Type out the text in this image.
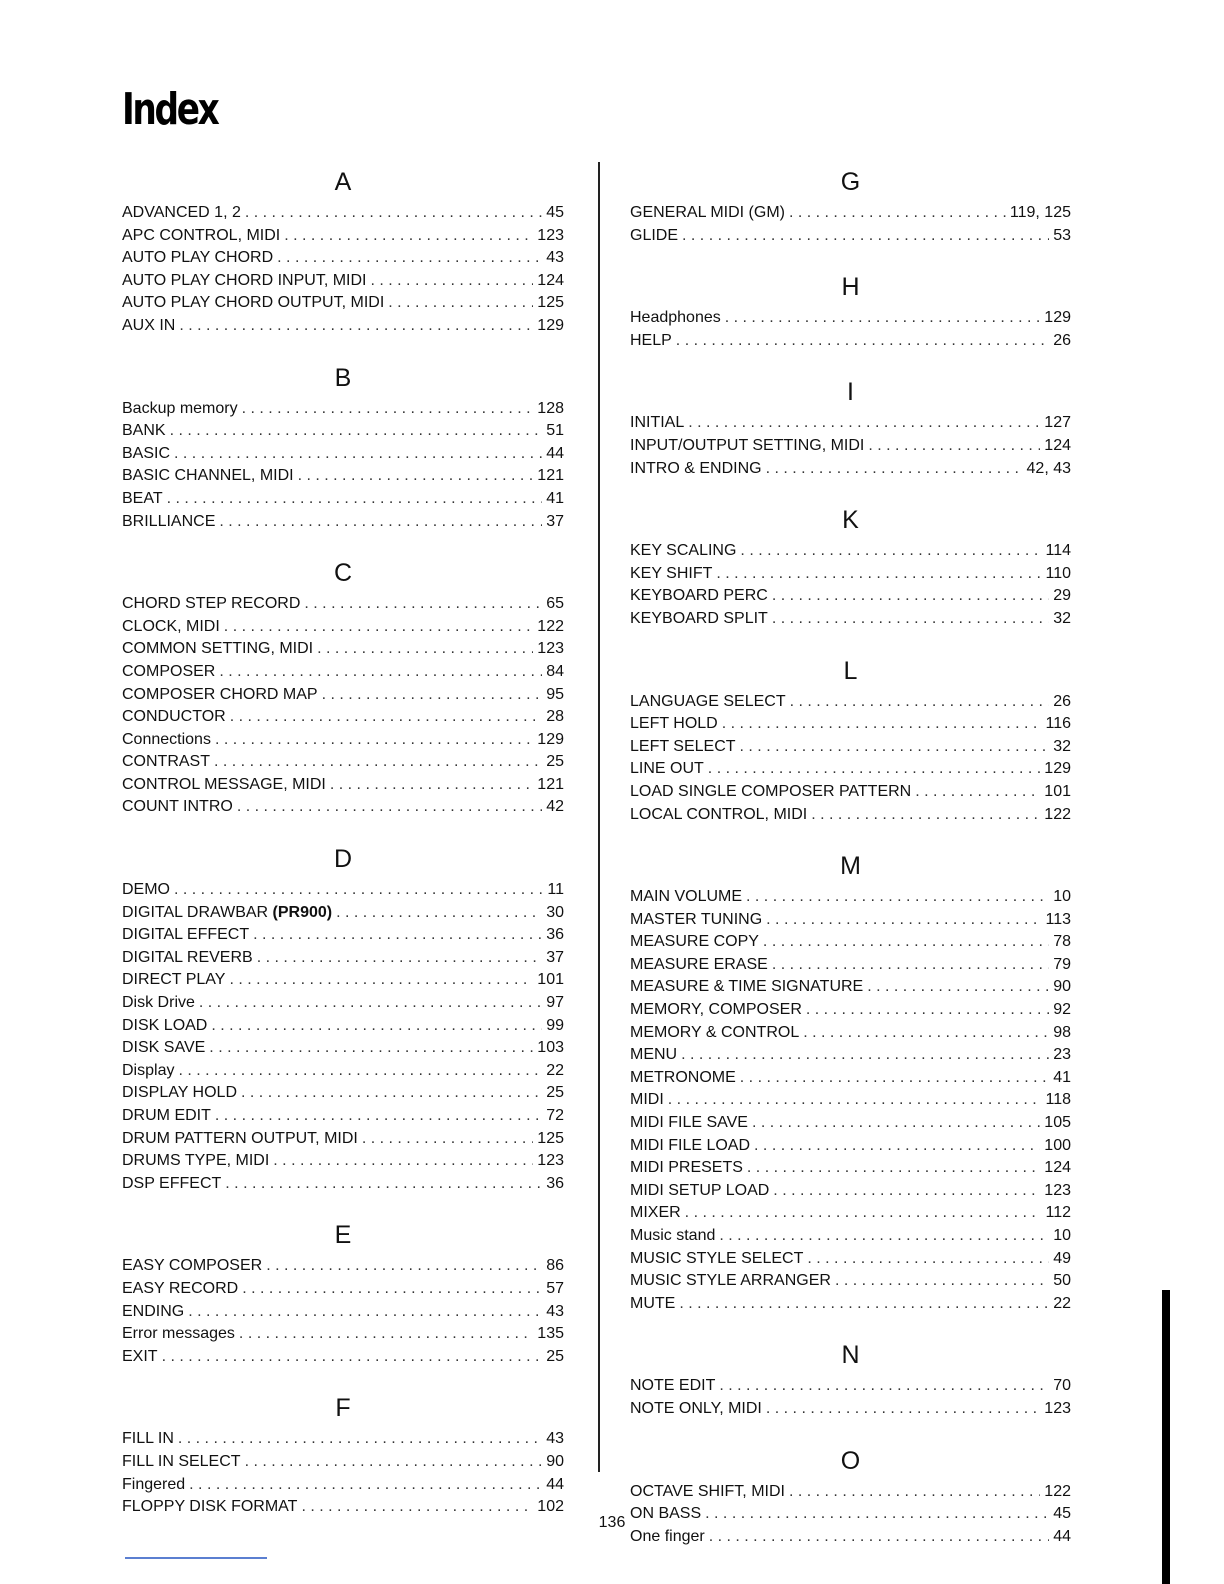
Index
A
ADVANCED 1, 2 . . .	45
APC CONTROL, MIDI . . .	123
AUTO PLAY CHORD . . .	43
AUTO PLAY CHORD INPUT, MIDI . . .	124
AUTO PLAY CHORD OUTPUT, MIDI . . .	125
AUX IN . . .	129
B
Backup memory . . .	128
BANK . . .	51
BASIC . . .	44
BASIC CHANNEL, MIDI . . .	121
BEAT . . .	41
BRILLIANCE . . .	37
C
CHORD STEP RECORD . . .	65
CLOCK, MIDI . . .	122
COMMON SETTING, MIDI . . .	123
COMPOSER . . .	84
COMPOSER CHORD MAP . . .	95
CONDUCTOR . . .	28
Connections . . .	129
CONTRAST . . .	25
CONTROL MESSAGE, MIDI . . .	121
COUNT INTRO . . .	42
D
DEMO . . .	11
DIGITAL DRAWBAR (PR900) . . .	30
DIGITAL EFFECT . . .	36
DIGITAL REVERB . . .	37
DIRECT PLAY . . .	101
Disk Drive . . .	97
DISK LOAD . . .	99
DISK SAVE . . .	103
Display . . .	22
DISPLAY HOLD . . .	25
DRUM EDIT . . .	72
DRUM PATTERN OUTPUT, MIDI . . .	125
DRUMS TYPE, MIDI . . .	123
DSP EFFECT . . .	36
E
EASY COMPOSER . . .	86
EASY RECORD . . .	57
ENDING . . .	43
Error messages . . .	135
EXIT . . .	25
F
FILL IN . . .	43
FILL IN SELECT . . .	90
Fingered . . .	44
FLOPPY DISK FORMAT . . .	102
G
GENERAL MIDI (GM) . . .	119, 125
GLIDE . . .	53
H
Headphones . . .	129
HELP . . .	26
I
INITIAL . . .	127
INPUT/OUTPUT SETTING, MIDI . . .	124
INTRO & ENDING . . .	42, 43
K
KEY SCALING . . .	114
KEY SHIFT . . .	110
KEYBOARD PERC . . .	29
KEYBOARD SPLIT . . .	32
L
LANGUAGE SELECT . . .	26
LEFT HOLD . . .	116
LEFT SELECT . . .	32
LINE OUT . . .	129
LOAD SINGLE COMPOSER PATTERN . . .	101
LOCAL CONTROL, MIDI . . .	122
M
MAIN VOLUME . . .	10
MASTER TUNING . . .	113
MEASURE COPY . . .	78
MEASURE ERASE . . .	79
MEASURE & TIME SIGNATURE . . .	90
MEMORY, COMPOSER . . .	92
MEMORY & CONTROL . . .	98
MENU . . .	23
METRONOME . . .	41
MIDI . . .	118
MIDI FILE SAVE . . .	105
MIDI FILE LOAD . . .	100
MIDI PRESETS . . .	124
MIDI SETUP LOAD . . .	123
MIXER . . .	112
Music stand . . .	10
MUSIC STYLE SELECT . . .	49
MUSIC STYLE ARRANGER . . .	50
MUTE . . .	22
N
NOTE EDIT . . .	70
NOTE ONLY, MIDI . . .	123
O
OCTAVE SHIFT, MIDI . . .	122
ON BASS . . .	45
One finger . . .	44
136
